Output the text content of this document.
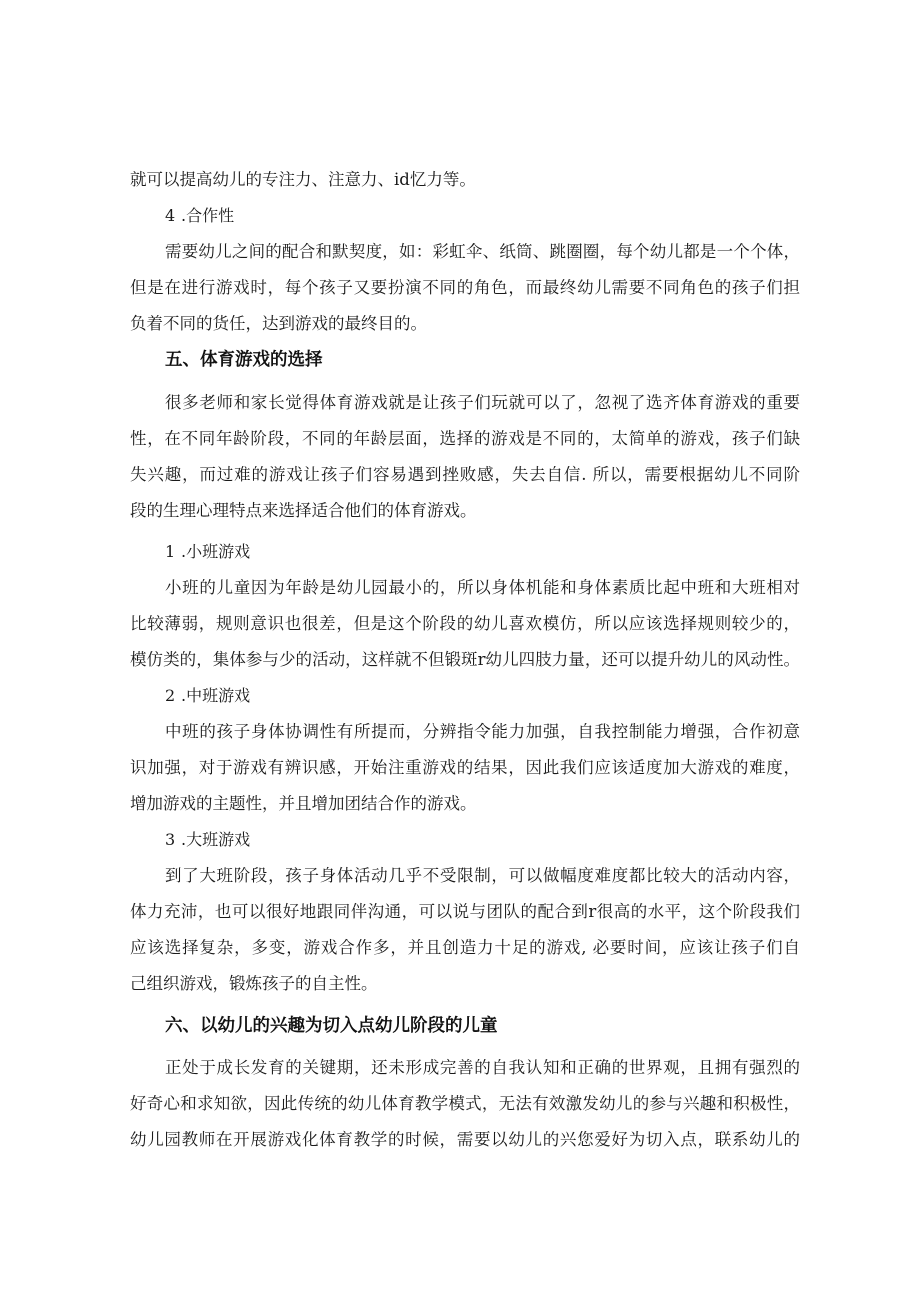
就可以提高幼儿的专注力、注意力、id忆力等。
4 .合作性
需要幼儿之间的配合和默契度，如：彩虹伞、纸筒、跳圈圈，每个幼儿都是一个个体，
但是在进行游戏时，每个孩子又要扮演不同的角色，而最终幼儿需要不同角色的孩子们担
负着不同的货任，达到游戏的最终目的。
五、体育游戏的选择
很多老师和家长觉得体育游戏就是让孩子们玩就可以了，忽视了选齐体育游戏的重要
性，在不同年龄阶段，不同的年龄层面，选择的游戏是不同的，太简单的游戏，孩子们缺
失兴趣，而过难的游戏让孩子们容易遇到挫败感，失去自信. 所以，需要根据幼儿不同阶
段的生理心理特点来选择适合他们的体育游戏。
1 .小班游戏
小班的儿童因为年龄是幼儿园最小的，所以身体机能和身体素质比起中班和大班相对
比较薄弱，规则意识也很差，但是这个阶段的幼儿喜欢模仿，所以应该选择规则较少的，
模仿类的，集体参与少的活动，这样就不但锻斑r幼儿四肢力量，还可以提升幼儿的风动性。
2 .中班游戏
中班的孩子身体协调性有所提而，分辨指令能力加强，自我控制能力增强，合作初意
识加强，对于游戏有辨识感，开始注重游戏的结果，因此我们应该适度加大游戏的难度，
增加游戏的主题性，并且增加团结合作的游戏。
3 .大班游戏
到了大班阶段，孩子身体活动几乎不受限制，可以做幅度难度都比较大的活动内容，
体力充沛，也可以很好地跟同伴沟通，可以说与团队的配合到r很高的水平，这个阶段我们
应该选择复杂，多变，游戏合作多，并且创造力十足的游戏, 必要时间，应该让孩子们自
己组织游戏，锻炼孩子的自主性。
六、以幼儿的兴趣为切入点幼儿阶段的儿童
正处于成长发育的关键期，还未形成完善的自我认知和正确的世界观，且拥有强烈的
好奇心和求知欲，因此传统的幼儿体育教学模式，无法有效激发幼儿的参与兴趣和积极性，
幼儿园教师在开展游戏化体育教学的时候，需要以幼儿的兴您爱好为切入点，联系幼儿的
